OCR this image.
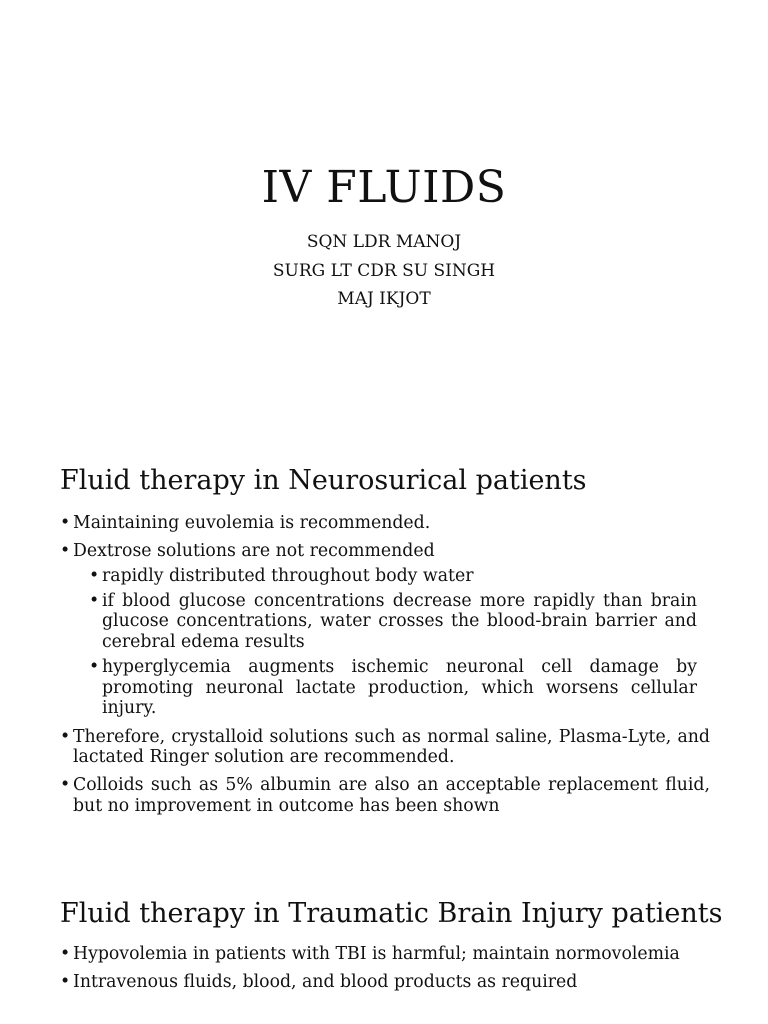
IV FLUIDS
SQN LDR MANOJ
SURG LT CDR SU SINGH
MAJ IKJOT
Fluid therapy in Neurosurical patients
• Maintaining euvolemia is recommended.
• Dextrose solutions are not recommended
• rapidly distributed throughout body water
• if blood glucose concentrations decrease more rapidly than brain glucose concentrations, water crosses the blood-brain barrier and cerebral edema results
• hyperglycemia augments ischemic neuronal cell damage by promoting neuronal lactate production, which worsens cellular injury.
• Therefore, crystalloid solutions such as normal saline, Plasma-Lyte, and lactated Ringer solution are recommended.
• Colloids such as 5% albumin are also an acceptable replacement fluid, but no improvement in outcome has been shown
Fluid therapy in Traumatic Brain Injury patients
• Hypovolemia in patients with TBI is harmful; maintain normovolemia
• Intravenous fluids, blood, and blood products as required
